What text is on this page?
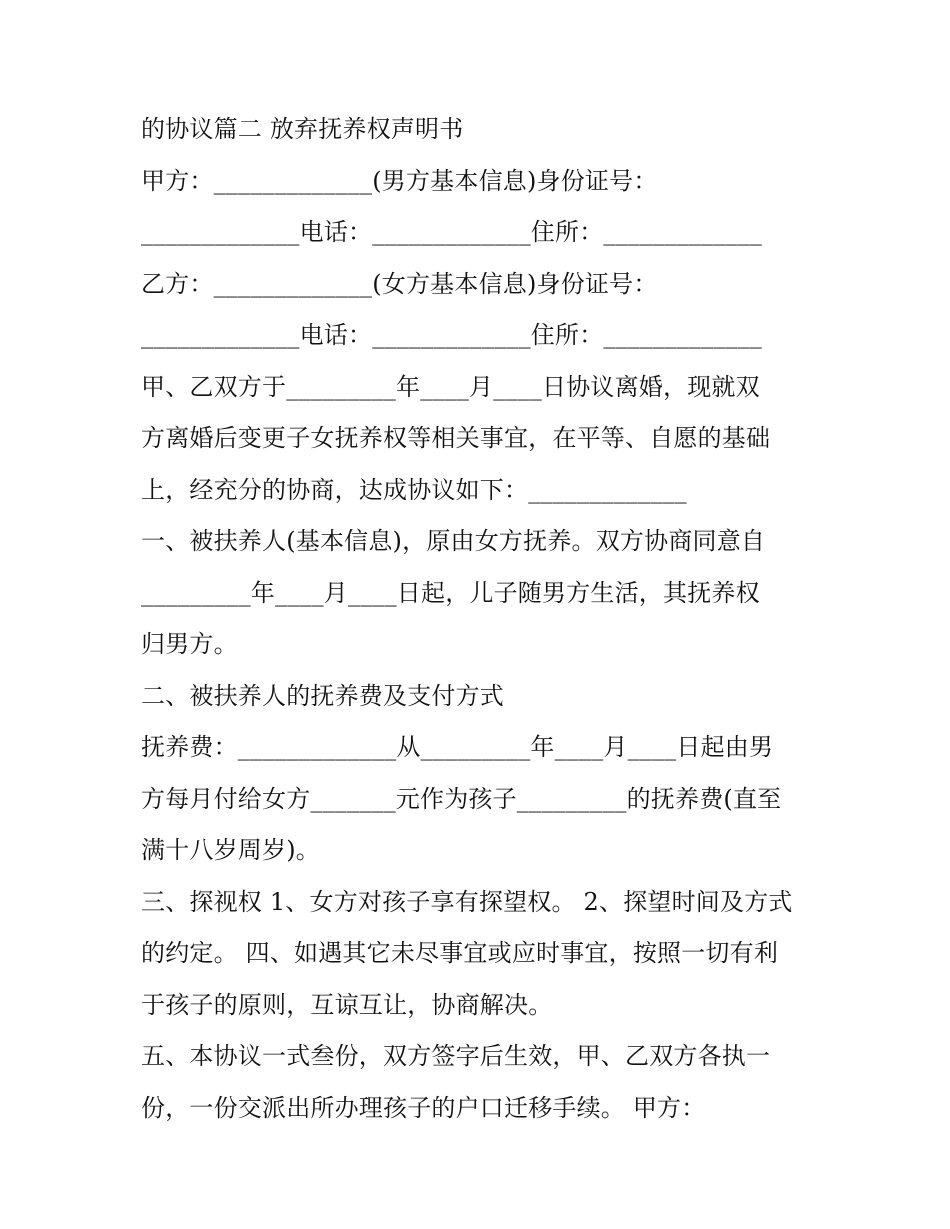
的协议篇二 放弃抚养权声明书
甲方：_____________(男方基本信息)身份证号：
_____________电话：_____________住所：_____________
乙方：_____________(女方基本信息)身份证号：
_____________电话：_____________住所：_____________
甲、乙双方于_________年____月____日协议离婚，现就双
方离婚后变更子女抚养权等相关事宜，在平等、自愿的基础
上，经充分的协商，达成协议如下：_____________
一、被扶养人(基本信息)，原由女方抚养。双方协商同意自
_________年____月____日起，儿子随男方生活，其抚养权
归男方。
二、被扶养人的抚养费及支付方式
抚养费：_____________从_________年____月____日起由男
方每月付给女方_______元作为孩子_________的抚养费(直至
满十八岁周岁)。
三、探视权 1、女方对孩子享有探望权。 2、探望时间及方式
的约定。 四、如遇其它未尽事宜或应时事宜，按照一切有利
于孩子的原则，互谅互让，协商解决。
五、本协议一式叁份，双方签字后生效，甲、乙双方各执一
份，一份交派出所办理孩子的户口迁移手续。 甲方：
